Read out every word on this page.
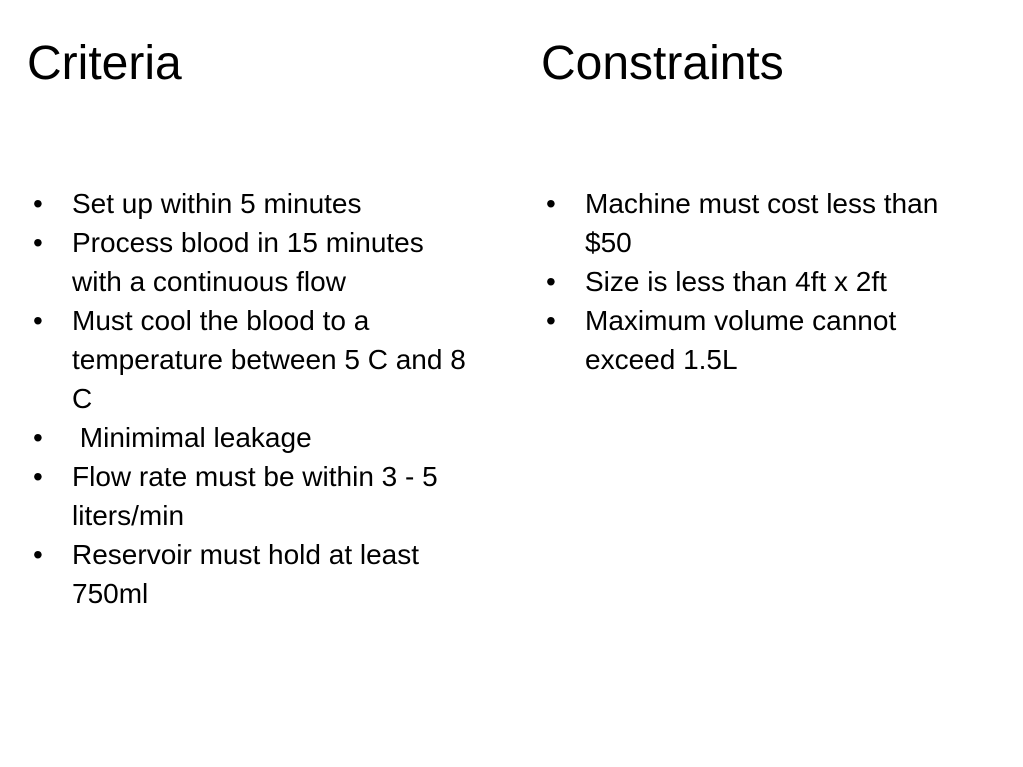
Criteria	Constraints
•	Set up within 5 minutes
•	Process blood in 15 minutes with a continuous flow
•	Must cool the blood to a temperature between 5 C and 8 C
•	Minimimal leakage
•	Flow rate must be within 3 - 5 liters/min
•	Reservoir must hold at least 750ml
•	Machine must cost less than $50
•	Size is less than 4ft x 2ft
•	Maximum volume cannot exceed 1.5L
